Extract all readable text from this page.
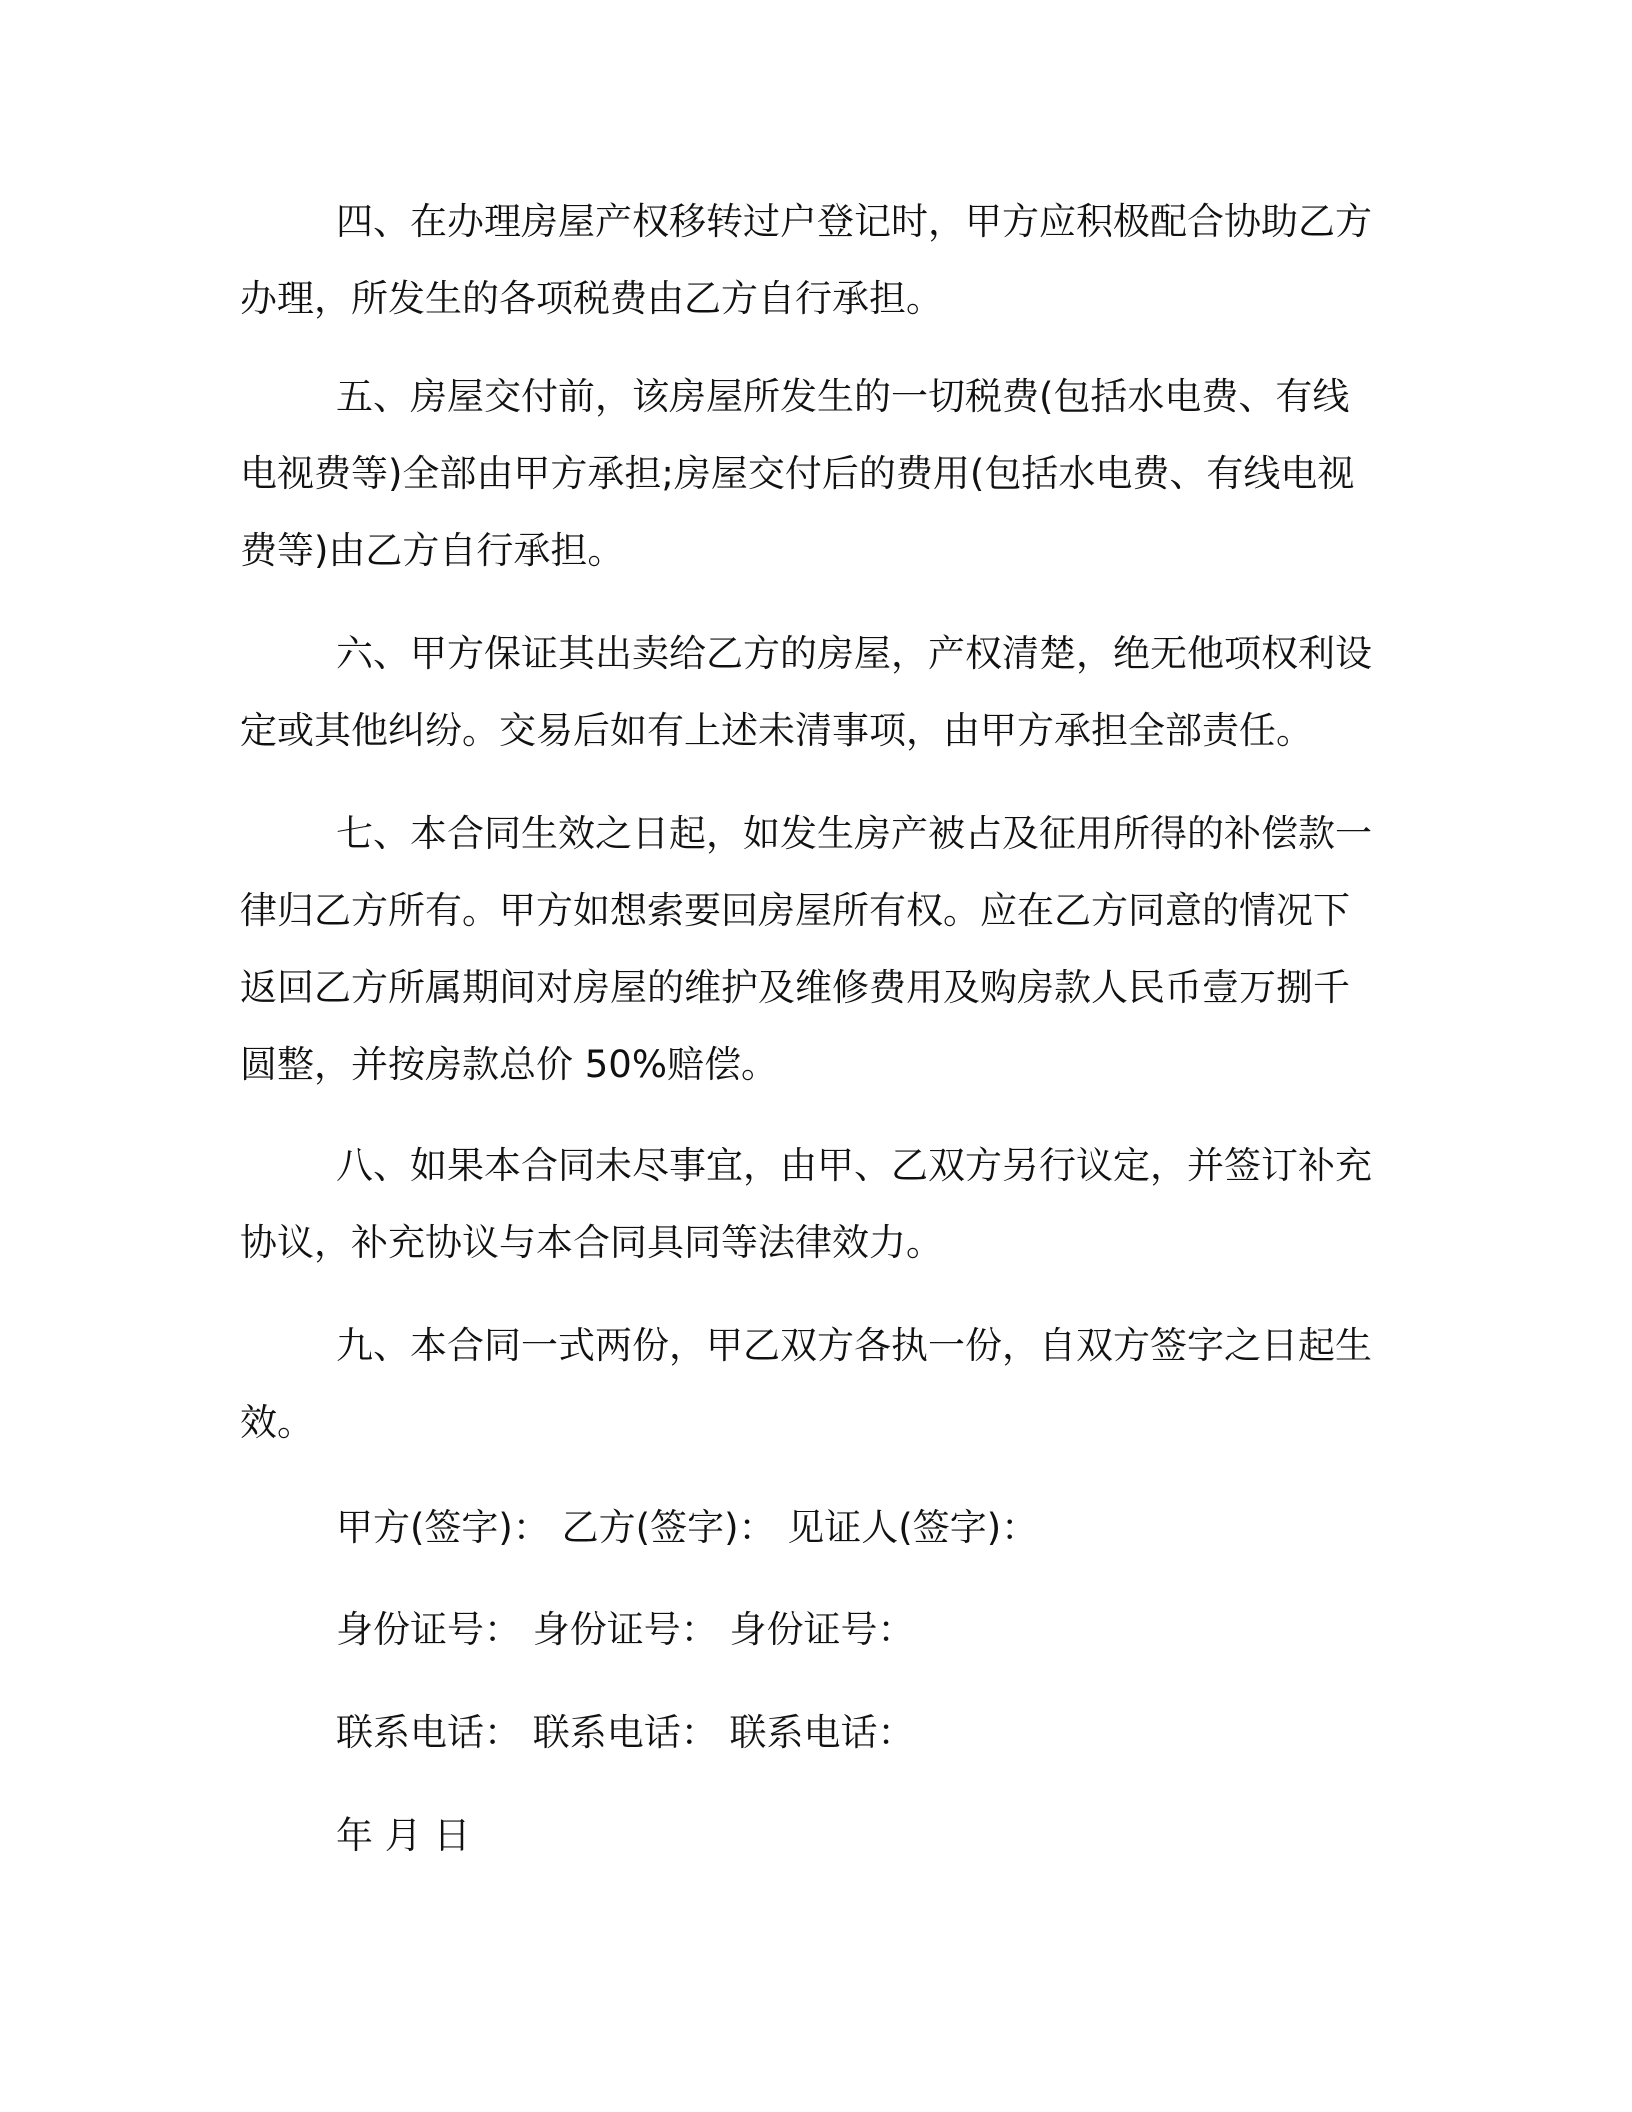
四、在办理房屋产权移转过户登记时，甲方应积极配合协助乙方办理，所发生的各项税费由乙方自行承担。

五、房屋交付前，该房屋所发生的一切税费(包括水电费、有线电视费等)全部由甲方承担;房屋交付后的费用(包括水电费、有线电视费等)由乙方自行承担。

六、甲方保证其出卖给乙方的房屋，产权清楚，绝无他项权利设定或其他纠纷。交易后如有上述未清事项，由甲方承担全部责任。

七、本合同生效之日起，如发生房产被占及征用所得的补偿款一律归乙方所有。甲方如想索要回房屋所有权。应在乙方同意的情况下返回乙方所属期间对房屋的维护及维修费用及购房款人民币壹万捌千圆整，并按房款总价 50%赔偿。

八、如果本合同未尽事宜，由甲、乙双方另行议定，并签订补充协议，补充协议与本合同具同等法律效力。

九、本合同一式两份，甲乙双方各执一份，自双方签字之日起生效。

甲方(签字)： 乙方(签字)： 见证人(签字)：

身份证号： 身份证号： 身份证号：

联系电话： 联系电话： 联系电话：

年 月 日
